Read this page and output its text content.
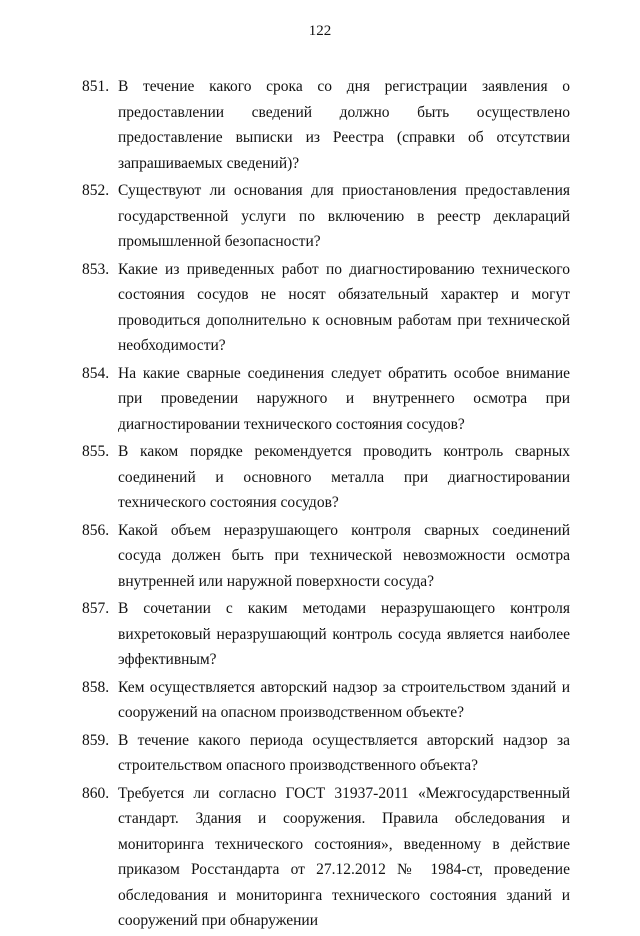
122
851. В течение какого срока со дня регистрации заявления о предоставлении сведений должно быть осуществлено предоставление выписки из Реестра (справки об отсутствии запрашиваемых сведений)?
852. Существуют ли основания для приостановления предоставления государственной услуги по включению в реестр деклараций промышленной безопасности?
853. Какие из приведенных работ по диагностированию технического состояния сосудов не носят обязательный характер и могут проводиться дополнительно к основным работам при технической необходимости?
854. На какие сварные соединения следует обратить особое внимание при проведении наружного и внутреннего осмотра при диагностировании технического состояния сосудов?
855. В каком порядке рекомендуется проводить контроль сварных соединений и основного металла при диагностировании технического состояния сосудов?
856. Какой объем неразрушающего контроля сварных соединений сосуда должен быть при технической невозможности осмотра внутренней или наружной поверхности сосуда?
857. В сочетании с каким методами неразрушающего контроля вихретоковый неразрушающий контроль сосуда является наиболее эффективным?
858. Кем осуществляется авторский надзор за строительством зданий и сооружений на опасном производственном объекте?
859. В течение какого периода осуществляется авторский надзор за строительством опасного производственного объекта?
860. Требуется ли согласно ГОСТ 31937-2011 «Межгосударственный стандарт. Здания и сооружения. Правила обследования и мониторинга технического состояния», введенному в действие приказом Росстандарта от 27.12.2012 № 1984-ст, проведение обследования и мониторинга технического состояния зданий и сооружений при обнаружении
